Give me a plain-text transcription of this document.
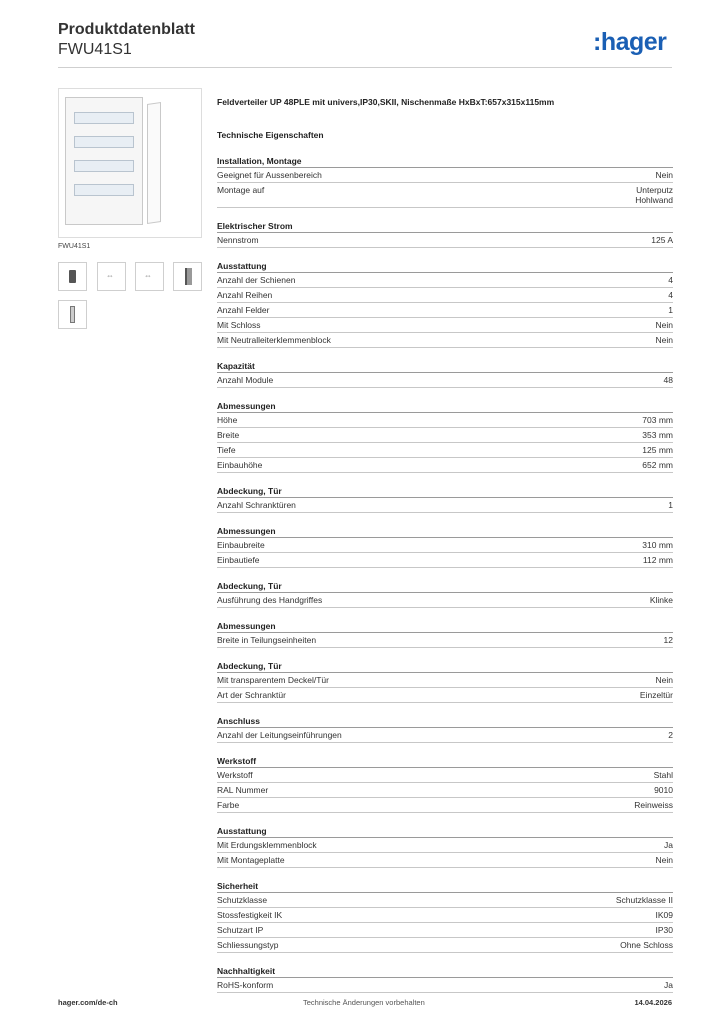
Produktdatenblatt
FWU41S1	:hager
FWU41S1
⇔	⇔
Feldverteiler UP 48PLE mit univers,IP30,SKII, Nischenmaße HxBxT:657x315x115mm
Technische Eigenschaften
Installation, Montage
Geeignet für Aussenbereich	Nein
Montage auf	Unterputz
Hohlwand
Elektrischer Strom
Nennstrom	125 A
Ausstattung
Anzahl der Schienen	4
Anzahl Reihen	4
Anzahl Felder	1
Mit Schloss	Nein
Mit Neutralleiterklemmenblock	Nein
Kapazität
Anzahl Module	48
Abmessungen
Höhe	703 mm
Breite	353 mm
Tiefe	125 mm
Einbauhöhe	652 mm
Abdeckung, Tür
Anzahl Schranktüren	1
Abmessungen
Einbaubreite	310 mm
Einbautiefe	112 mm
Abdeckung, Tür
Ausführung des Handgriffes	Klinke
Abmessungen
Breite in Teilungseinheiten	12
Abdeckung, Tür
Mit transparentem Deckel/Tür	Nein
Art der Schranktür	Einzeltür
Anschluss
Anzahl der Leitungseinführungen	2
Werkstoff
Werkstoff	Stahl
RAL Nummer	9010
Farbe	Reinweiss
Ausstattung
Mit Erdungsklemmenblock	Ja
Mit Montageplatte	Nein
Sicherheit
Schutzklasse	Schutzklasse II
Stossfestigkeit IK	IK09
Schutzart IP	IP30
Schliessungstyp	Ohne Schloss
Nachhaltigkeit
RoHS-konform	Ja
hager.com/de-ch	Technische Änderungen vorbehalten	14.04.2026
